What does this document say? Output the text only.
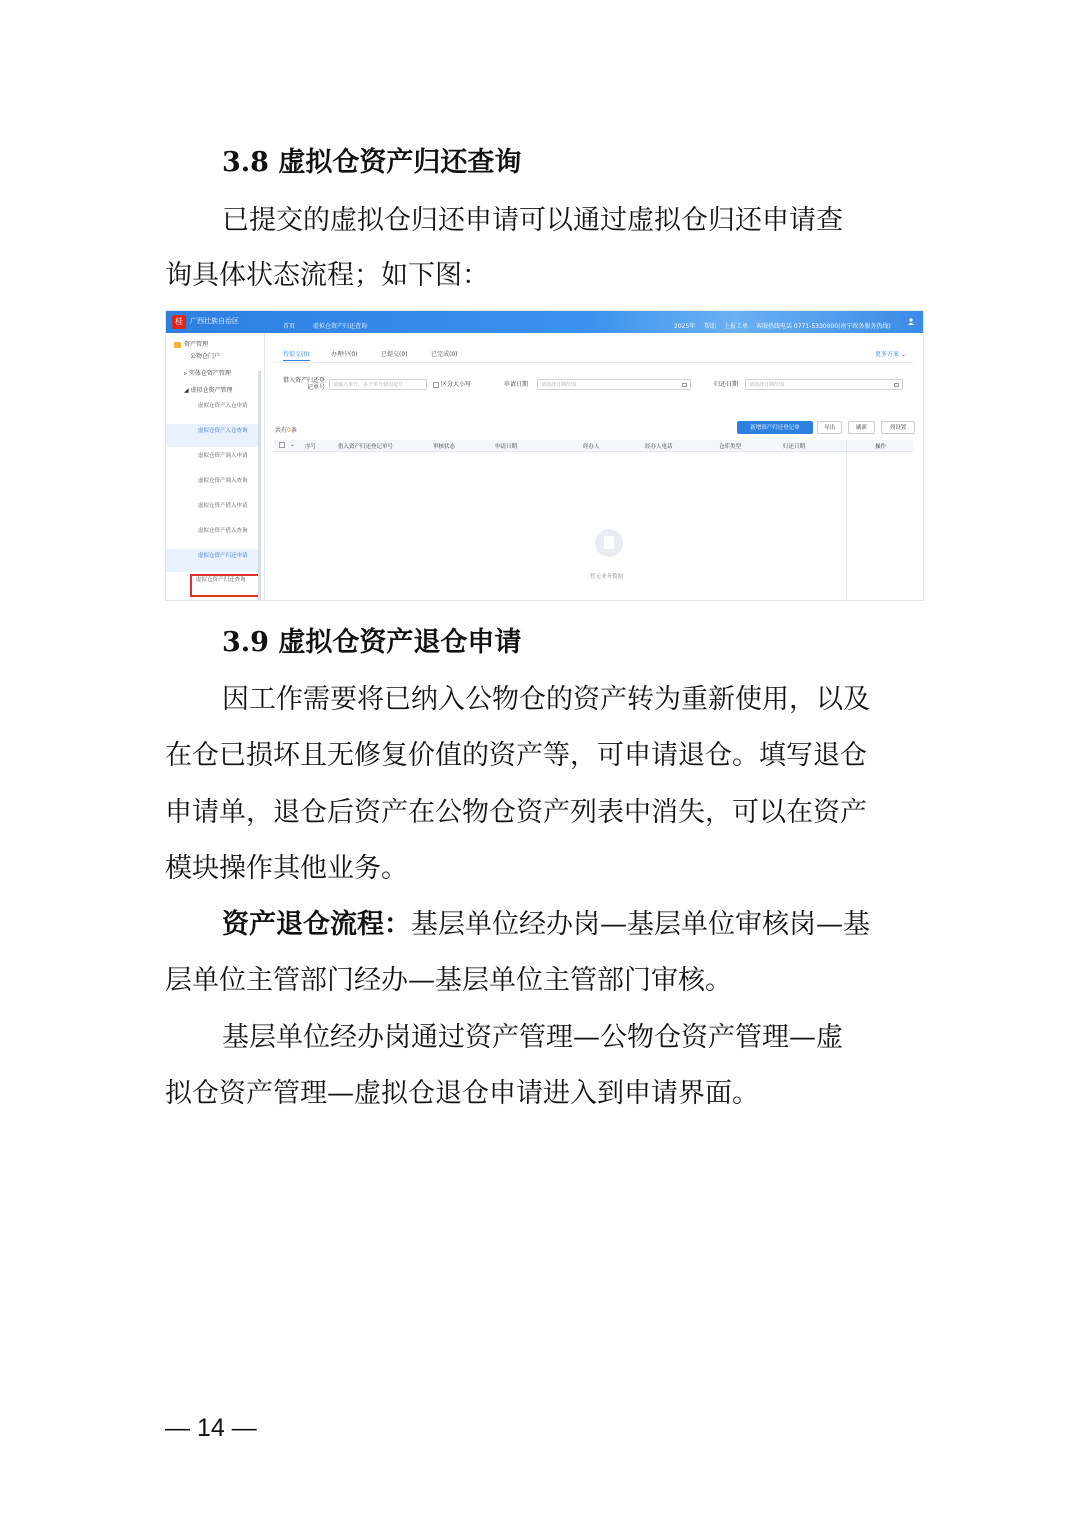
3.8 虚拟仓资产归还查询
已提交的虚拟仓归还申请可以通过虚拟仓归还申请查
询具体状态流程；如下图：
桂	广西壮族自治区
首页	虚拟仓资产归还查询	2025年 帮助 上报工单 客服热线电话 0771-5330000(南宁政务服务热线)
资产管理
公物仓门户
▹ 实体仓资产管理
◢ 虚拟仓资产管理
虚拟仓资产入仓申请
虚拟仓资产入仓查询
虚拟仓资产调入申请
虚拟仓资产调入查询
虚拟仓资产借入申请
虚拟仓资产借入查询
虚拟仓资产归还申请
虚拟仓资产归还查询
待提交(0)	办理中(0)	已提交(0)	已完成(0)	更多方案 ⌄
借入资产归还登记单号	请输入单号，多个单号使用逗号	区分大小写	申请日期	请选择日期范围	归还日期	请选择日期范围
共有0条	新增资产归还登记单	导出	刷新	列设置
⌄ 序号	借入资产归还登记单号	审核状态	申请日期	经办人	经办人电话	仓库类型	归还日期	操作
暂无业务数据
3.9 虚拟仓资产退仓申请
因工作需要将已纳入公物仓的资产转为重新使用，以及
在仓已损坏且无修复价值的资产等，可申请退仓。填写退仓
申请单，退仓后资产在公物仓资产列表中消失，可以在资产
模块操作其他业务。
资产退仓流程：基层单位经办岗—基层单位审核岗—基
层单位主管部门经办—基层单位主管部门审核。
基层单位经办岗通过资产管理—公物仓资产管理—虚
拟仓资产管理—虚拟仓退仓申请进入到申请界面。
— 14 —
